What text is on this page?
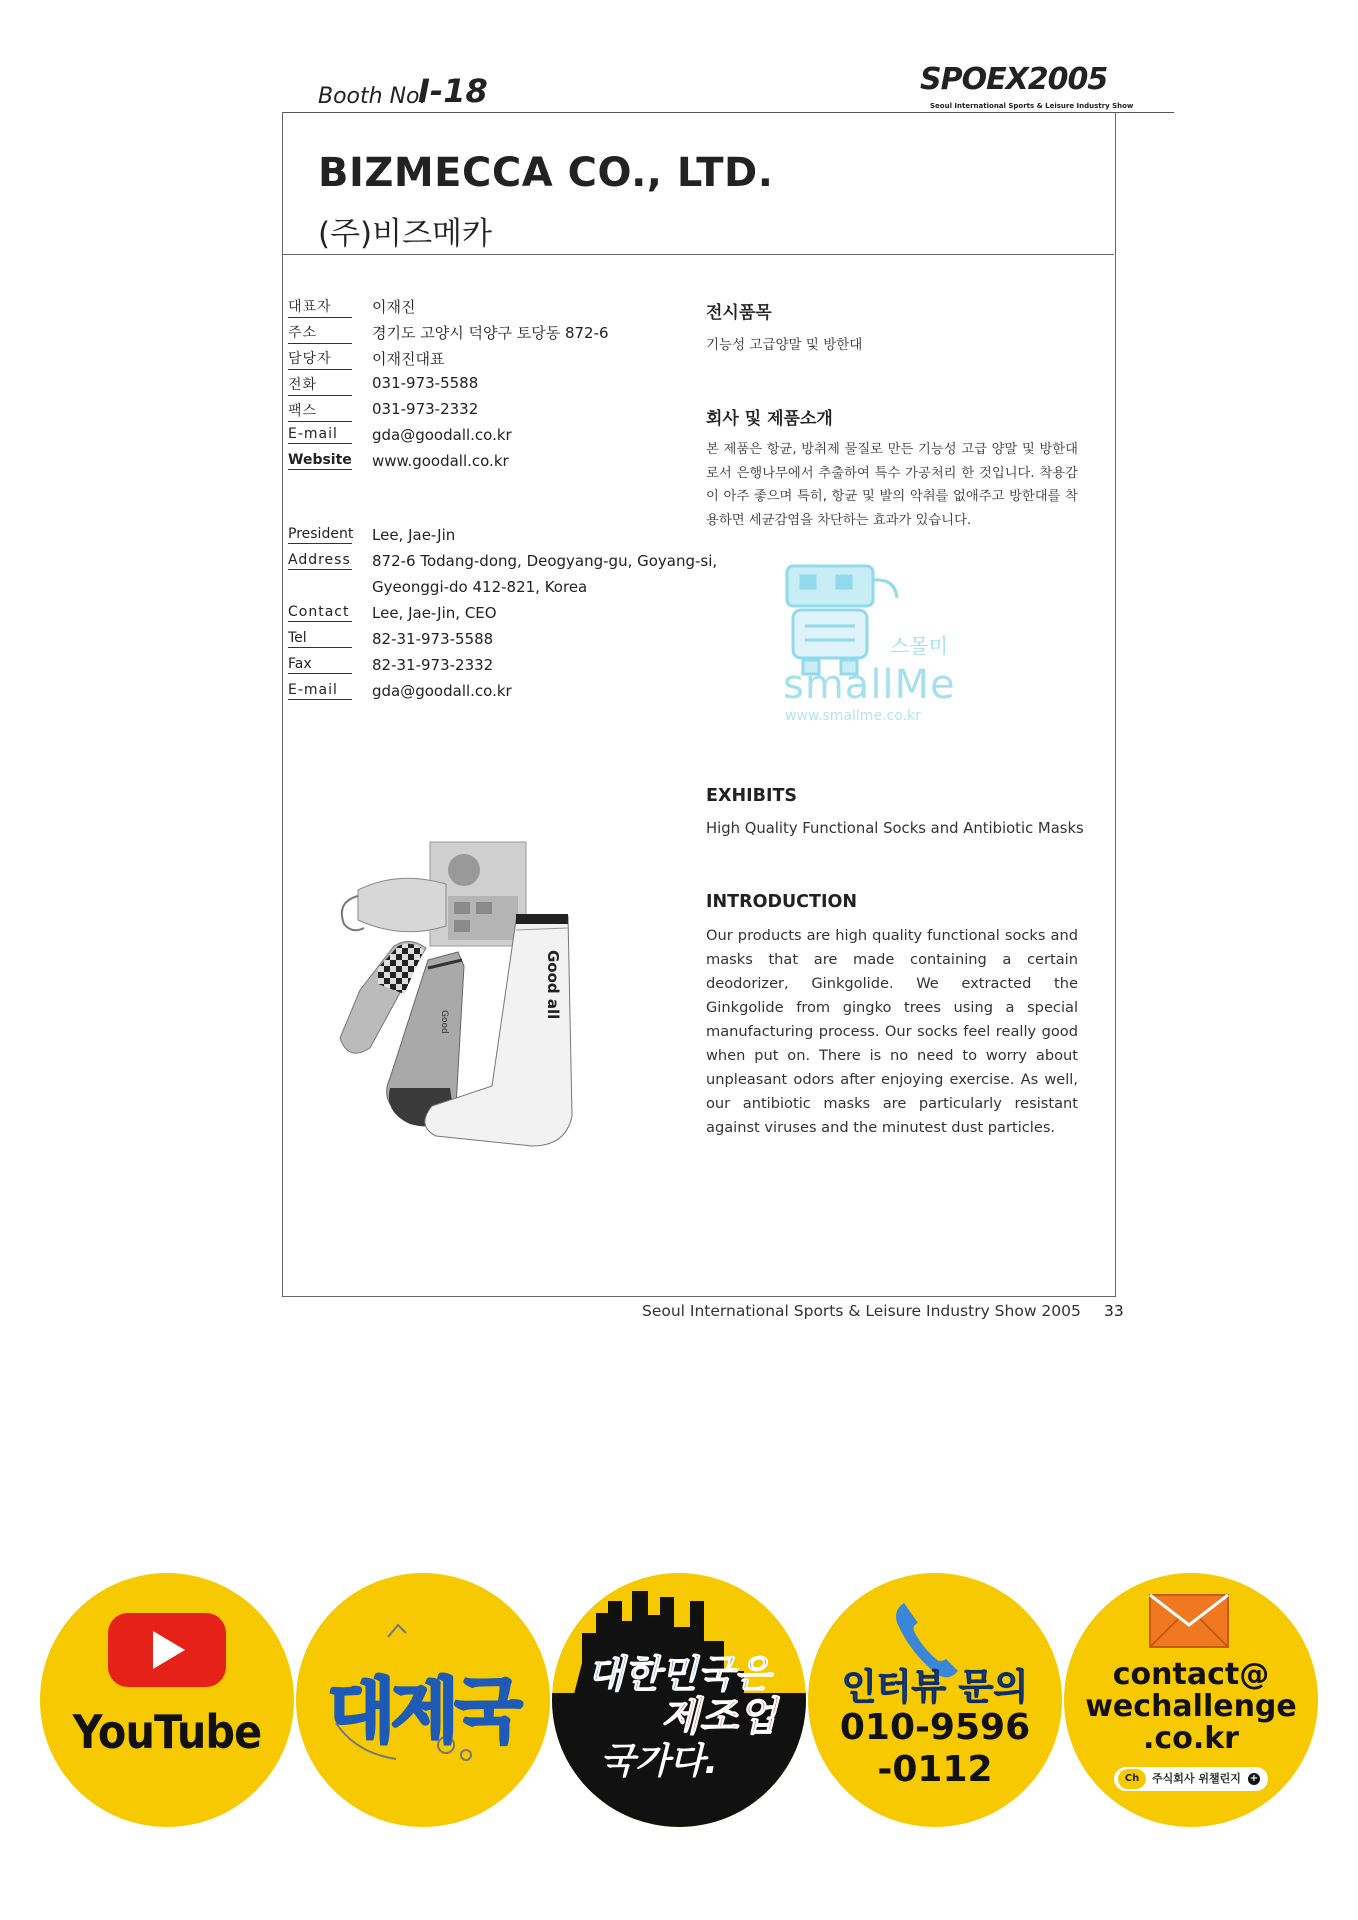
Booth No.
I-18	SPOEX2005
Seoul International Sports & Leisure Industry Show
BIZMECCA CO., LTD.
(주)비즈메카
대표자	이재진
주소	경기도 고양시 덕양구 토당동 872-6
담당자	이재진대표
전화	031-973-5588
팩스	031-973-2332
E-mail	gda@goodall.co.kr
Website www.goodall.co.kr
President Lee, Jae-Jin
Address 872-6 Todang-dong, Deogyang-gu, Goyang-si,
Gyeonggi-do 412-821, Korea
Contact Lee, Jae-Jin, CEO
Tel	82-31-973-5588
Fax	82-31-973-2332
E-mail	gda@goodall.co.kr
전시품목
기능성 고급양말 및 방한대
회사 및 제품소개
본 제품은 항균, 방취제 물질로 만든 기능성 고급 양말 및 방한대로서 은행나무에서 추출하여 특수 가공처리 한 것입니다. 착용감이 아주 좋으며 특히, 항균 및 발의 악취를 없애주고 방한대를 착용하면 세균감염을 차단하는 효과가 있습니다.
스몰미
smallMe
www.smallme.co.kr
EXHIBITS
High Quality Functional Socks and Antibiotic Masks
INTRODUCTION
Our products are high quality functional socks and masks that are made containing a certain deodorizer, Ginkgolide. We extracted the Ginkgolide from gingko trees using a special manufacturing process. Our socks feel really good when put on. There is no need to worry about unpleasant odors after enjoying exercise. As well, our antibiotic masks are particularly resistant against viruses and the minutest dust particles.
Good
Good all
Seoul International Sports & Leisure Industry Show 2005 33
YouTube 대제국	대한민국은
제조업
국가다.
인터뷰 문의
010-9596
-0112
contact@
wechallenge
.co.kr
Ch	주식회사 위챌린지 +
